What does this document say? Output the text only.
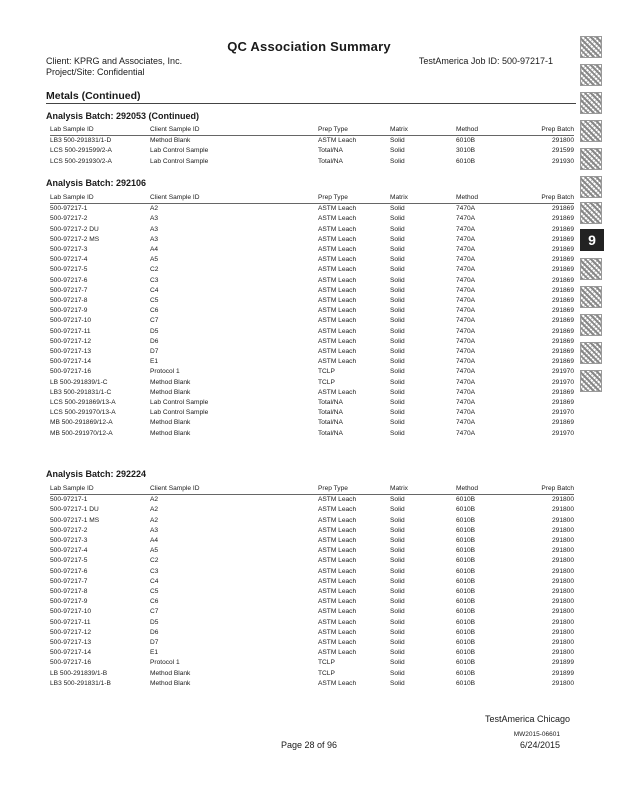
QC Association Summary
Client: KPRG and Associates, Inc.
Project/Site: Confidential
TestAmerica Job ID: 500-97217-1
Metals (Continued)
Analysis Batch: 292053 (Continued)
Lab Sample ID	Client Sample ID	Prep Type	Matrix	Method	Prep Batch
LB3 500-291831/1-D	Method Blank	ASTM Leach	Solid	6010B	291800
LCS 500-291599/2-A	Lab Control Sample	Total/NA	Solid	3010B	291599
LCS 500-291930/2-A	Lab Control Sample	Total/NA	Solid	6010B	291930
Analysis Batch: 292106
Lab Sample ID	Client Sample ID	Prep Type	Matrix	Method	Prep Batch
500-97217-1	A2	ASTM Leach	Solid	7470A	291869
500-97217-2	A3	ASTM Leach	Solid	7470A	291869
500-97217-2 DU	A3	ASTM Leach	Solid	7470A	291869
500-97217-2 MS	A3	ASTM Leach	Solid	7470A	291869
500-97217-3	A4	ASTM Leach	Solid	7470A	291869
500-97217-4	A5	ASTM Leach	Solid	7470A	291869
500-97217-5	C2	ASTM Leach	Solid	7470A	291869
500-97217-6	C3	ASTM Leach	Solid	7470A	291869
500-97217-7	C4	ASTM Leach	Solid	7470A	291869
500-97217-8	C5	ASTM Leach	Solid	7470A	291869
500-97217-9	C6	ASTM Leach	Solid	7470A	291869
500-97217-10	C7	ASTM Leach	Solid	7470A	291869
500-97217-11	D5	ASTM Leach	Solid	7470A	291869
500-97217-12	D6	ASTM Leach	Solid	7470A	291869
500-97217-13	D7	ASTM Leach	Solid	7470A	291869
500-97217-14	E1	ASTM Leach	Solid	7470A	291869
500-97217-16	Protocol 1	TCLP	Solid	7470A	291970
LB 500-291839/1-C	Method Blank	TCLP	Solid	7470A	291970
LB3 500-291831/1-C	Method Blank	ASTM Leach	Solid	7470A	291869
LCS 500-291869/13-A	Lab Control Sample	Total/NA	Solid	7470A	291869
LCS 500-291970/13-A	Lab Control Sample	Total/NA	Solid	7470A	291970
MB 500-291869/12-A	Method Blank	Total/NA	Solid	7470A	291869
MB 500-291970/12-A	Method Blank	Total/NA	Solid	7470A	291970
Analysis Batch: 292224
Lab Sample ID	Client Sample ID	Prep Type	Matrix	Method	Prep Batch
500-97217-1	A2	ASTM Leach	Solid	6010B	291800
500-97217-1 DU	A2	ASTM Leach	Solid	6010B	291800
500-97217-1 MS	A2	ASTM Leach	Solid	6010B	291800
500-97217-2	A3	ASTM Leach	Solid	6010B	291800
500-97217-3	A4	ASTM Leach	Solid	6010B	291800
500-97217-4	A5	ASTM Leach	Solid	6010B	291800
500-97217-5	C2	ASTM Leach	Solid	6010B	291800
500-97217-6	C3	ASTM Leach	Solid	6010B	291800
500-97217-7	C4	ASTM Leach	Solid	6010B	291800
500-97217-8	C5	ASTM Leach	Solid	6010B	291800
500-97217-9	C6	ASTM Leach	Solid	6010B	291800
500-97217-10	C7	ASTM Leach	Solid	6010B	291800
500-97217-11	D5	ASTM Leach	Solid	6010B	291800
500-97217-12	D6	ASTM Leach	Solid	6010B	291800
500-97217-13	D7	ASTM Leach	Solid	6010B	291800
500-97217-14	E1	ASTM Leach	Solid	6010B	291800
500-97217-16	Protocol 1	TCLP	Solid	6010B	291899
LB 500-291839/1-B	Method Blank	TCLP	Solid	6010B	291899
LB3 500-291831/1-B	Method Blank	ASTM Leach	Solid	6010B	291800
TestAmerica Chicago
MW2015-06601
Page 28 of 96	6/24/2015
9
